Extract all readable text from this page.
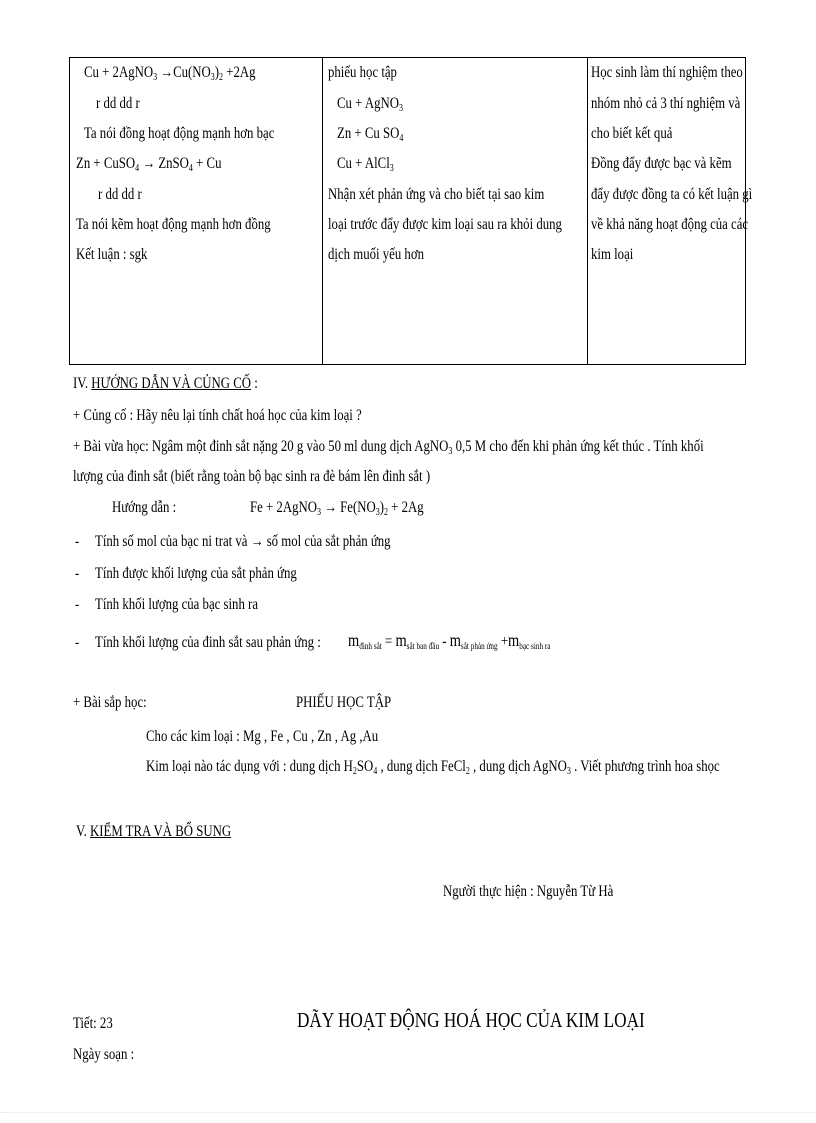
Cu + 2AgNO$_3$ $\to Cu(NO_3)_2 +2Ag$
r dd dd r
Ta nói đồng hoạt động mạnh hơn bạc
Zn + CuSO$_4$ → ZnSO$_4$ + Cu
r dd dd r
Ta nói kẽm hoạt động mạnh hơn đồng
Kết luận : sgk

phiếu học tập
Cu + AgNO$_3$
Zn + Cu $SO_4$
Cu + AlCl$_3$
Nhận xét phản ứng và cho biết tại sao kim
loại trước đẩy được kim loại sau ra khỏi dung
dịch muối yếu hơn

Học sinh làm thí nghiệm theo
nhóm nhỏ cả 3 thí nghiệm và
cho biết kết quả
Đồng đẩy được bạc và kẽm
đẩy được đồng ta có kết luận gì
về khả năng hoạt động của các
kim loại
IV. HƯỚNG DẪN VÀ CỦNG CỐ :
+ Củng cố : Hãy nêu lại tính chất hoá học của kim loại ?
+ Bài vừa học: Ngâm một đinh sắt nặng 20 g vào 50 ml dung dịch AgNO$_3$ 0,5 M cho đến khi phản ứng kết thúc . Tính khối
lượng của đinh sắt (biết rằng toàn bộ bạc sinh ra đè bám lên đinh sắt )
Hướng dẫn :	Fe + 2AgNO$_3$ → $Fe(NO_3)_2 + 2Ag$
- Tính số mol của bạc ni trat và → số mol của sắt phản ứng
- Tính được khối lượng của sắt phản ứng
- Tính khối lượng của bạc sinh ra
- Tính khối lượng của đinh sắt sau phản ứng : $m_{đinh sắt} = m_{sắt ban đầu} - m_{sắt phản ứng} +m_{bạc sinh ra}$
+ Bài sắp học:	PHIẾU HỌC TẬP
Cho các kim loại : Mg , Fe , Cu , Zn , Ag ,Au
Kim loại nào tác dụng với : dung dịch $H_2SO_4$ , dung dịch FeCl$_2$ , dung dịch AgNO$_3$ . Viết phương trình hoa shọc
V. KIỂM TRA VÀ BỔ SUNG
Người thực hiện : Nguyễn Từ Hà
Tiết: 23	DÃY HOẠT ĐỘNG HOÁ HỌC CỦA KIM LOẠI
Ngày soạn :
